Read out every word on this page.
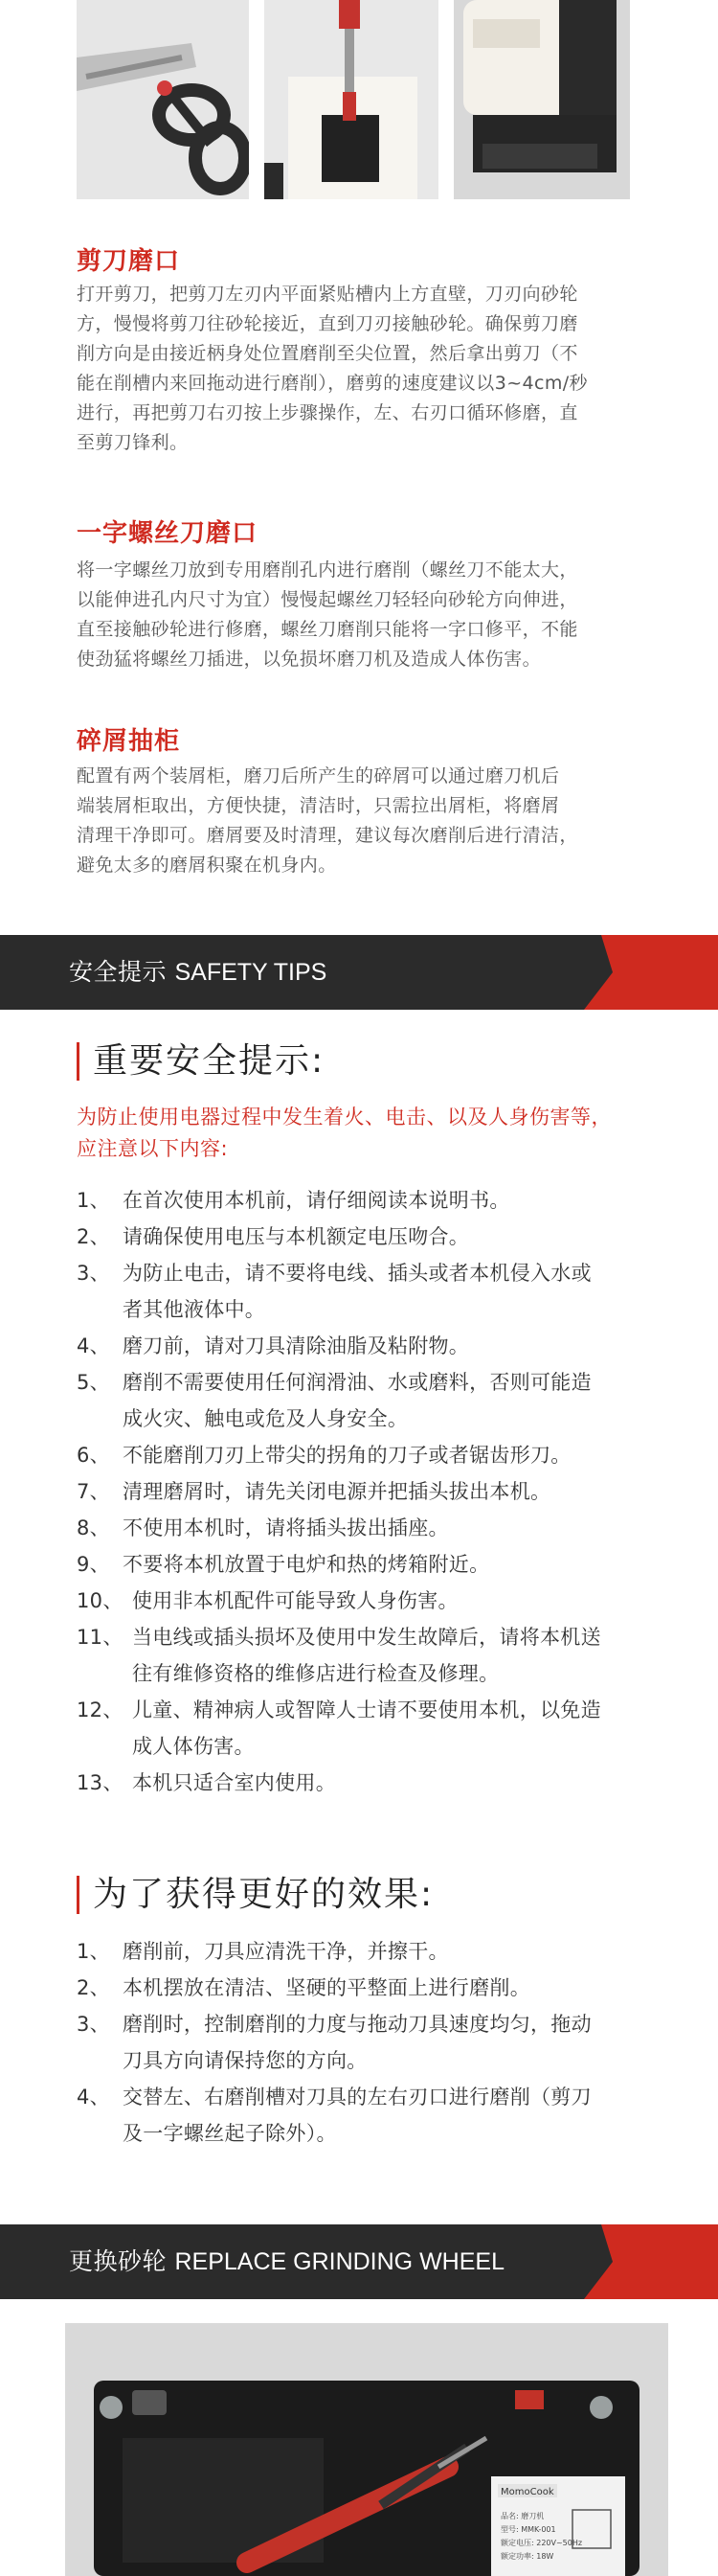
剪刀磨口
打开剪刀，把剪刀左刃内平面紧贴槽内上方直壁，刀刃向砂轮
方，慢慢将剪刀往砂轮接近，直到刀刃接触砂轮。确保剪刀磨
削方向是由接近柄身处位置磨削至尖位置，然后拿出剪刀（不
能在削槽内来回拖动进行磨削），磨剪的速度建议以3~4cm/秒
进行，再把剪刀右刃按上步骤操作，左、右刃口循环修磨，直
至剪刀锋利。
一字螺丝刀磨口
将一字螺丝刀放到专用磨削孔内进行磨削（螺丝刀不能太大，
以能伸进孔内尺寸为宜）慢慢起螺丝刀轻轻向砂轮方向伸进，
直至接触砂轮进行修磨，螺丝刀磨削只能将一字口修平，不能
使劲猛将螺丝刀插进，以免损坏磨刀机及造成人体伤害。
碎屑抽柜
配置有两个装屑柜，磨刀后所产生的碎屑可以通过磨刀机后
端装屑柜取出，方便快捷，清洁时，只需拉出屑柜，将磨屑
清理干净即可。磨屑要及时清理，建议每次磨削后进行清洁，
避免太多的磨屑积聚在机身内。
安全提示 SAFETY TIPS
重要安全提示:
为防止使用电器过程中发生着火、电击、以及人身伤害等，
应注意以下内容:
1、 在首次使用本机前，请仔细阅读本说明书。
2、 请确保使用电压与本机额定电压吻合。
3、 为防止电击，请不要将电线、插头或者本机侵入水或
者其他液体中。
4、 磨刀前，请对刀具清除油脂及粘附物。
5、 磨削不需要使用任何润滑油、水或磨料，否则可能造
成火灾、触电或危及人身安全。
6、 不能磨削刀刃上带尖的拐角的刀子或者锯齿形刀。
7、 清理磨屑时，请先关闭电源并把插头拔出本机。
8、 不使用本机时，请将插头拔出插座。
9、 不要将本机放置于电炉和热的烤箱附近。
10、 使用非本机配件可能导致人身伤害。
11、 当电线或插头损坏及使用中发生故障后，请将本机送
往有维修资格的维修店进行检查及修理。
12、 儿童、精神病人或智障人士请不要使用本机，以免造
成人体伤害。
13、 本机只适合室内使用。
为了获得更好的效果:
1、 磨削前，刀具应清洗干净，并擦干。
2、 本机摆放在清洁、坚硬的平整面上进行磨削。
3、 磨削时，控制磨削的力度与拖动刀具速度均匀，拖动
刀具方向请保持您的方向。
4、 交替左、右磨削槽对刀具的左右刃口进行磨削（剪刀
及一字螺丝起子除外）。
更换砂轮 REPLACE GRINDING WHEEL
MomoCook
品名: 磨刀机
型号: MMK-001
额定电压: 220V~50Hz
额定功率: 18W
